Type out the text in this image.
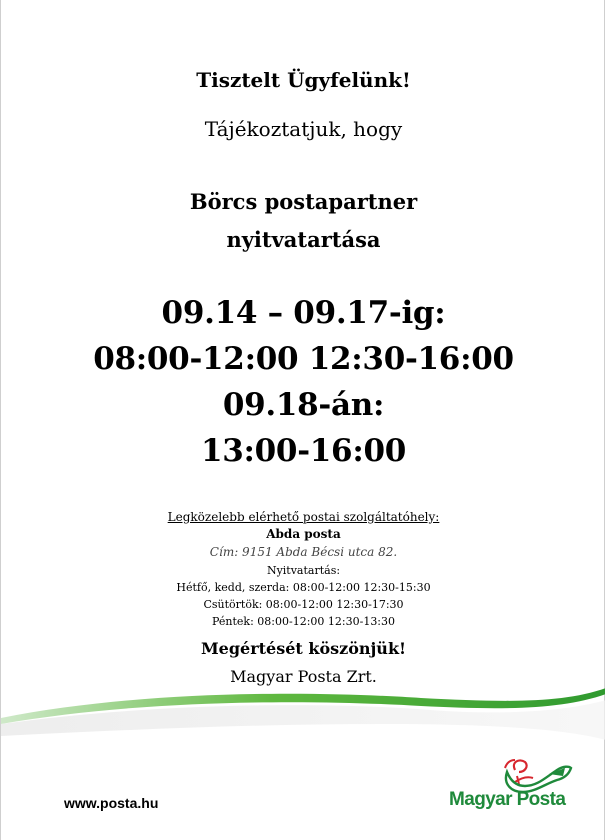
Tisztelt Ügyfelünk!
Tájékoztatjuk, hogy
Börcs postapartner
nyitvatartása
09.14 – 09.17-ig:
08:00-12:00 12:30-16:00
09.18-án:
13:00-16:00
Legközelebb elérhető postai szolgáltatóhely:
Abda posta
Cím: 9151 Abda Bécsi utca 82.
Nyitvatartás:
Hétfő, kedd, szerda: 08:00-12:00 12:30-15:30
Csütörtök: 08:00-12:00 12:30-17:30
Péntek: 08:00-12:00 12:30-13:30
Megértését köszönjük!
Magyar Posta Zrt.
www.posta.hu	Magyar Posta
